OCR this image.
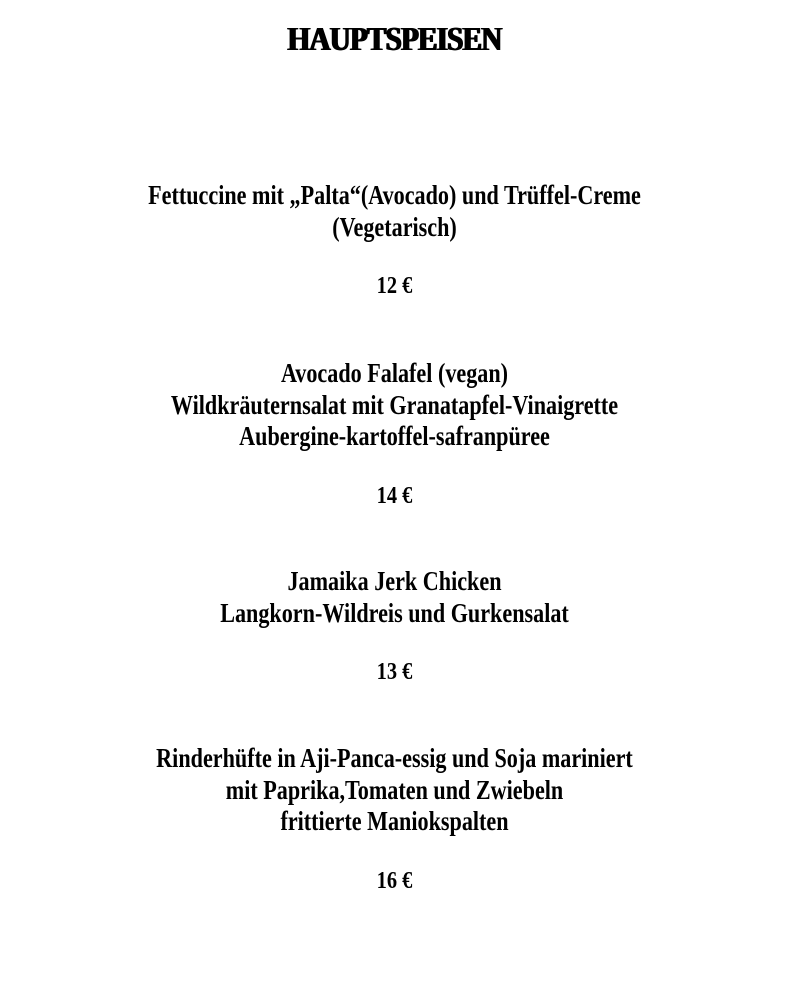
HAUPTSPEISEN
Fettuccine mit „Palta“(Avocado) und Trüffel-Creme
(Vegetarisch)
12 €
Avocado Falafel (vegan)
Wildkräuternsalat mit Granatapfel-Vinaigrette
Aubergine-kartoffel-safranpüree
14 €
Jamaika Jerk Chicken
Langkorn-Wildreis und Gurkensalat
13 €
Rinderhüfte in Aji-Panca-essig und Soja mariniert
mit Paprika,Tomaten und Zwiebeln
frittierte Maniokspalten
16 €
